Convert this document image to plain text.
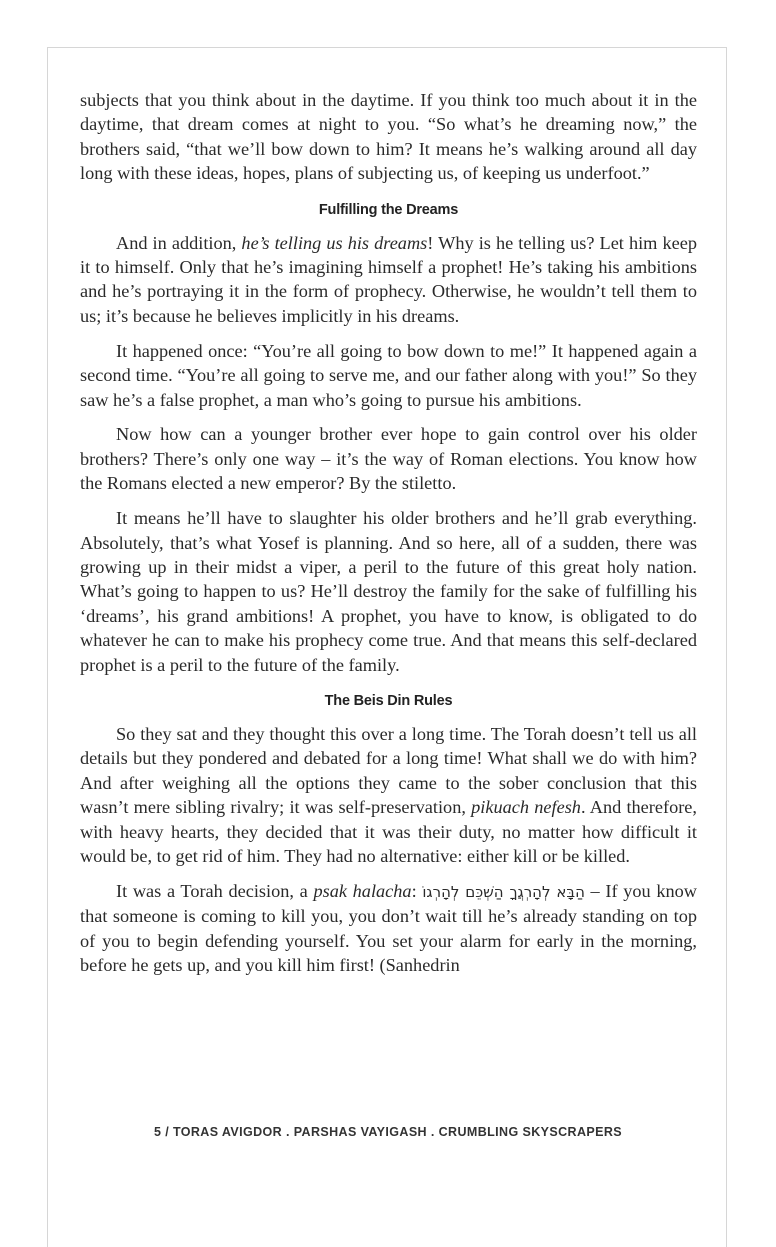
subjects that you think about in the daytime. If you think too much about it in the daytime, that dream comes at night to you. “So what’s he dreaming now,” the brothers said, “that we’ll bow down to him? It means he’s walking around all day long with these ideas, hopes, plans of subjecting us, of keeping us underfoot.”

Fulfilling the Dreams

And in addition, he’s telling us his dreams! Why is he telling us? Let him keep it to himself. Only that he’s imagining himself a prophet! He’s taking his ambitions and he’s portraying it in the form of prophecy. Otherwise, he wouldn’t tell them to us; it’s because he believes implicitly in his dreams.

It happened once: “You’re all going to bow down to me!” It happened again a second time. “You’re all going to serve me, and our father along with you!” So they saw he’s a false prophet, a man who’s going to pursue his ambitions.

Now how can a younger brother ever hope to gain control over his older brothers? There’s only one way – it’s the way of Roman elections. You know how the Romans elected a new emperor? By the stiletto.

It means he’ll have to slaughter his older brothers and he’ll grab everything. Absolutely, that’s what Yosef is planning. And so here, all of a sudden, there was growing up in their midst a viper, a peril to the future of this great holy nation. What’s going to happen to us? He’ll destroy the family for the sake of fulfilling his ‘dreams’, his grand ambitions! A prophet, you have to know, is obligated to do whatever he can to make his prophecy come true. And that means this self-declared prophet is a peril to the future of the family.

The Beis Din Rules

So they sat and they thought this over a long time. The Torah doesn’t tell us all details but they pondered and debated for a long time! What shall we do with him? And after weighing all the options they came to the sober conclusion that this wasn’t mere sibling rivalry; it was self-preservation, pikuach nefesh. And therefore, with heavy hearts, they decided that it was their duty, no matter how difficult it would be, to get rid of him. They had no alternative: either kill or be killed.

It was a Torah decision, a psak halacha: הַבָּא לְהָרְגֲךָ הַשְׁכֵּם לְהָרְגוֹ – If you know that someone is coming to kill you, you don’t wait till he’s already standing on top of you to begin defending yourself. You set your alarm for early in the morning, before he gets up, and you kill him first! (Sanhedrin

5 / TORAS AVIGDOR . PARSHAS VAYIGASH . CRUMBLING SKYSCRAPERS
